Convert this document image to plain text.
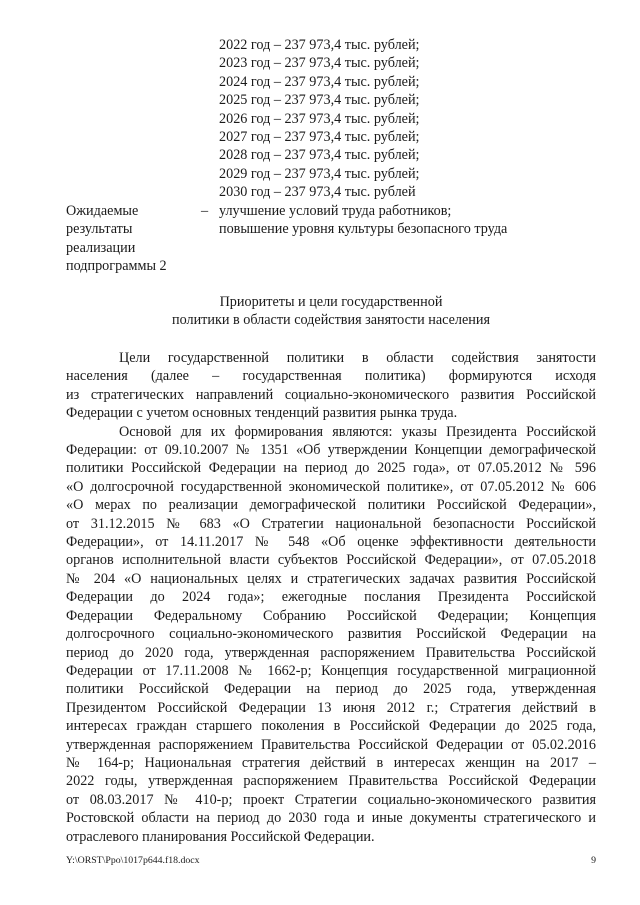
2022 год – 237 973,4 тыс. рублей;
2023 год – 237 973,4 тыс. рублей;
2024 год – 237 973,4 тыс. рублей;
2025 год – 237 973,4 тыс. рублей;
2026 год – 237 973,4 тыс. рублей;
2027 год – 237 973,4 тыс. рублей;
2028 год – 237 973,4 тыс. рублей;
2029 год – 237 973,4 тыс. рублей;
2030 год – 237 973,4 тыс. рублей
Ожидаемые
результаты
реализации
подпрограммы 2
– улучшение условий труда работников;
повышение уровня культуры безопасного труда
Приоритеты и цели государственной
политики в области содействия занятости населения
Цели государственной политики в области содействия занятости
населения (далее – государственная политика) формируются исходя
из стратегических направлений социально-экономического развития Российской
Федерации с учетом основных тенденций развития рынка труда.
Основой для их формирования являются: указы Президента Российской
Федерации: от 09.10.2007 № 1351 «Об утверждении Концепции демографической
политики Российской Федерации на период до 2025 года», от 07.05.2012 № 596
«О долгосрочной государственной экономической политике», от 07.05.2012 № 606
«О мерах по реализации демографической политики Российской Федерации»,
от 31.12.2015 № 683 «О Стратегии национальной безопасности Российской
Федерации», от 14.11.2017 № 548 «Об оценке эффективности деятельности
органов исполнительной власти субъектов Российской Федерации», от 07.05.2018
№ 204 «О национальных целях и стратегических задачах развития Российской
Федерации до 2024 года»; ежегодные послания Президента Российской
Федерации Федеральному Собранию Российской Федерации; Концепция
долгосрочного социально-экономического развития Российской Федерации на
период до 2020 года, утвержденная распоряжением Правительства Российской
Федерации от 17.11.2008 № 1662-р; Концепция государственной миграционной
политики Российской Федерации на период до 2025 года, утвержденная
Президентом Российской Федерации 13 июня 2012 г.; Стратегия действий в
интересах граждан старшего поколения в Российской Федерации до 2025 года,
утвержденная распоряжением Правительства Российской Федерации от 05.02.2016
№ 164-р; Национальная стратегия действий в интересах женщин на 2017 –
2022 годы, утвержденная распоряжением Правительства Российской Федерации
от 08.03.2017 № 410-р; проект Стратегии социально-экономического развития
Ростовской области на период до 2030 года и иные документы стратегического и
отраслевого планирования Российской Федерации.
Y:\ORST\Ppo\1017p644.f18.docx	9
